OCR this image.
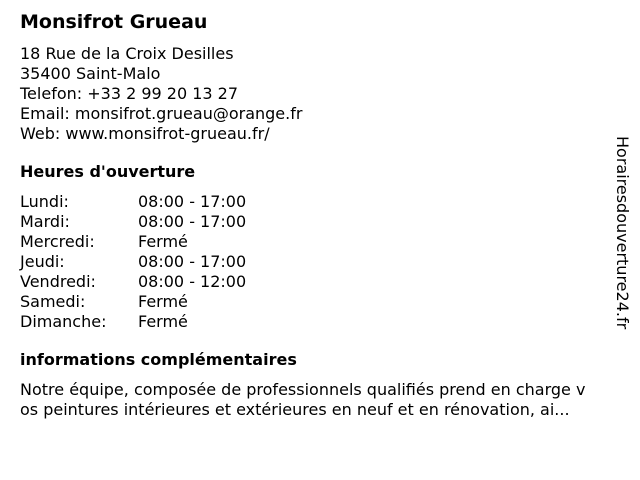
Monsifrot Grueau
18 Rue de la Croix Desilles
35400 Saint-Malo
Telefon: +33 2 99 20 13 27
Email: monsifrot.grueau@orange.fr
Web: www.monsifrot-grueau.fr/
Heures d'ouverture
Lundi:	08:00 - 17:00
Mardi:	08:00 - 17:00
Mercredi:	Fermé
Jeudi:	08:00 - 17:00
Vendredi:	08:00 - 12:00
Samedi:	Fermé
Dimanche: Fermé
informations complémentaires

Notre équipe, composée de professionnels qualifiés prend en charge v
os peintures intérieures et extérieures en neuf et en rénovation, ai...

Horairesdouverture24.fr
